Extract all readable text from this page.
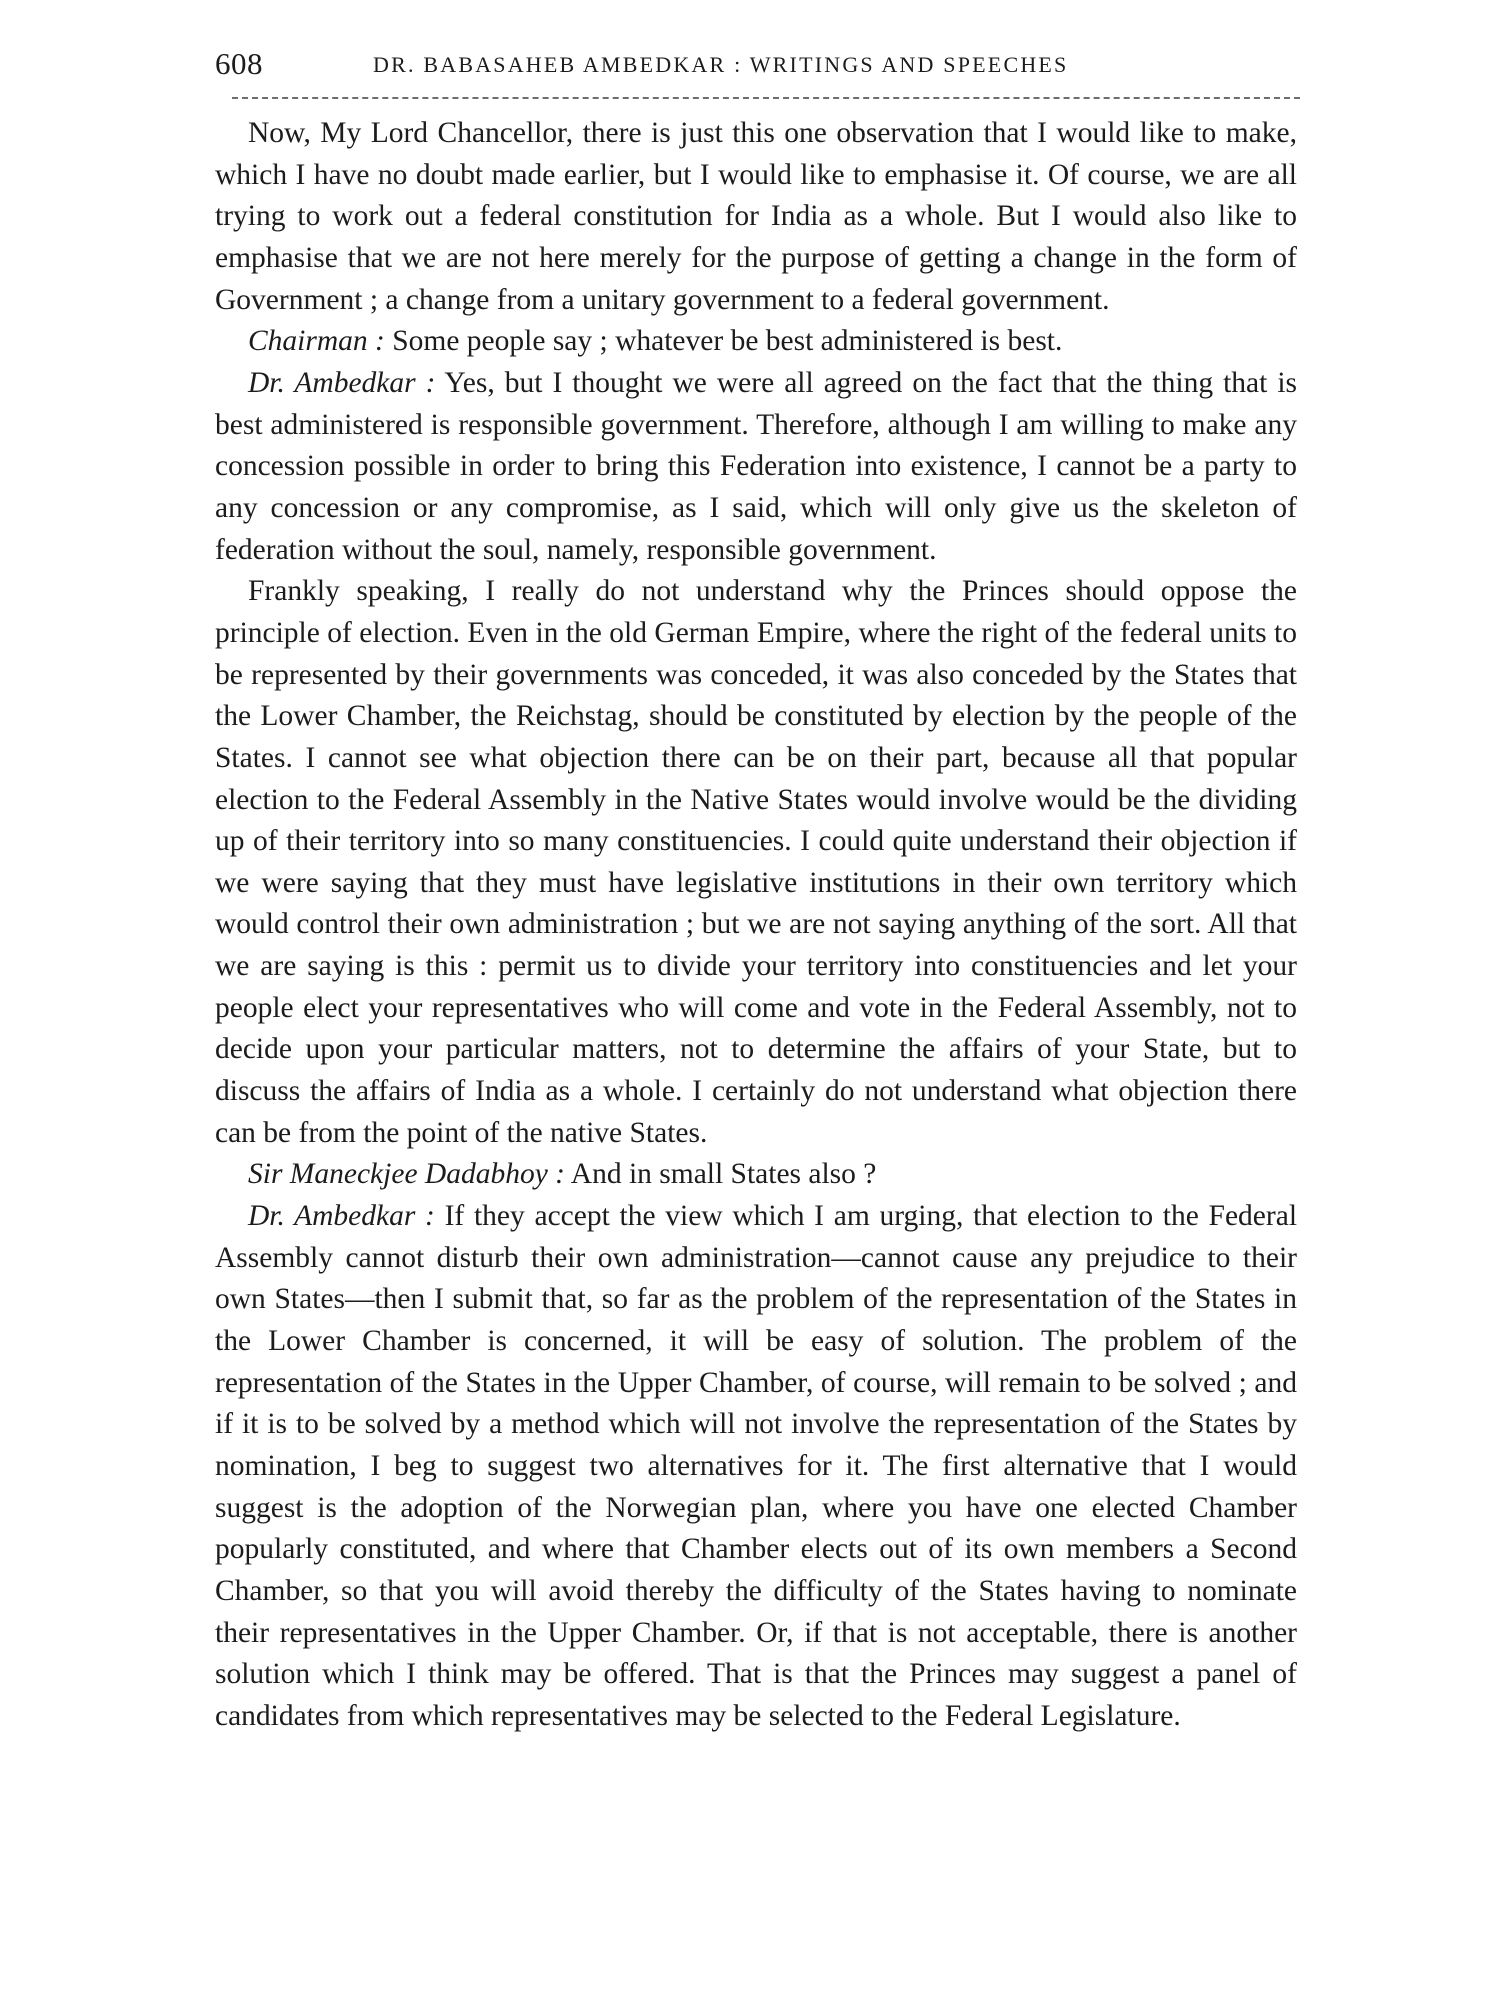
608	DR. BABASAHEB AMBEDKAR : WRITINGS AND SPEECHES

Now, My Lord Chancellor, there is just this one observation that I would like to make, which I have no doubt made earlier, but I would like to emphasise it. Of course, we are all trying to work out a federal constitution for India as a whole. But I would also like to emphasise that we are not here merely for the purpose of getting a change in the form of Government ; a change from a unitary government to a federal government.

Chairman : Some people say ; whatever be best administered is best.

Dr. Ambedkar : Yes, but I thought we were all agreed on the fact that the thing that is best administered is responsible government. Therefore, although I am willing to make any concession possible in order to bring this Federation into existence, I cannot be a party to any concession or any compromise, as I said, which will only give us the skeleton of federation without the soul, namely, responsible government.

Frankly speaking, I really do not understand why the Princes should oppose the principle of election. Even in the old German Empire, where the right of the federal units to be represented by their governments was conceded, it was also conceded by the States that the Lower Chamber, the Reichstag, should be constituted by election by the people of the States. I cannot see what objection there can be on their part, because all that popular election to the Federal Assembly in the Native States would involve would be the dividing up of their territory into so many constituencies. I could quite understand their objection if we were saying that they must have legislative institutions in their own territory which would control their own administration ; but we are not saying anything of the sort. All that we are saying is this : permit us to divide your territory into constituencies and let your people elect your representatives who will come and vote in the Federal Assembly, not to decide upon your particular matters, not to determine the affairs of your State, but to discuss the affairs of India as a whole. I certainly do not understand what objection there can be from the point of the native States.

Sir Maneckjee Dadabhoy : And in small States also ?

Dr. Ambedkar : If they accept the view which I am urging, that election to the Federal Assembly cannot disturb their own administration—cannot cause any prejudice to their own States—then I submit that, so far as the problem of the representation of the States in the Lower Chamber is concerned, it will be easy of solution. The problem of the representation of the States in the Upper Chamber, of course, will remain to be solved ; and if it is to be solved by a method which will not involve the representation of the States by nomination, I beg to suggest two alternatives for it. The first alternative that I would suggest is the adoption of the Norwegian plan, where you have one elected Chamber popularly constituted, and where that Chamber elects out of its own members a Second Chamber, so that you will avoid thereby the difficulty of the States having to nominate their representatives in the Upper Chamber. Or, if that is not acceptable, there is another solution which I think may be offered. That is that the Princes may suggest a panel of candidates from which representatives may be selected to the Federal Legislature.
